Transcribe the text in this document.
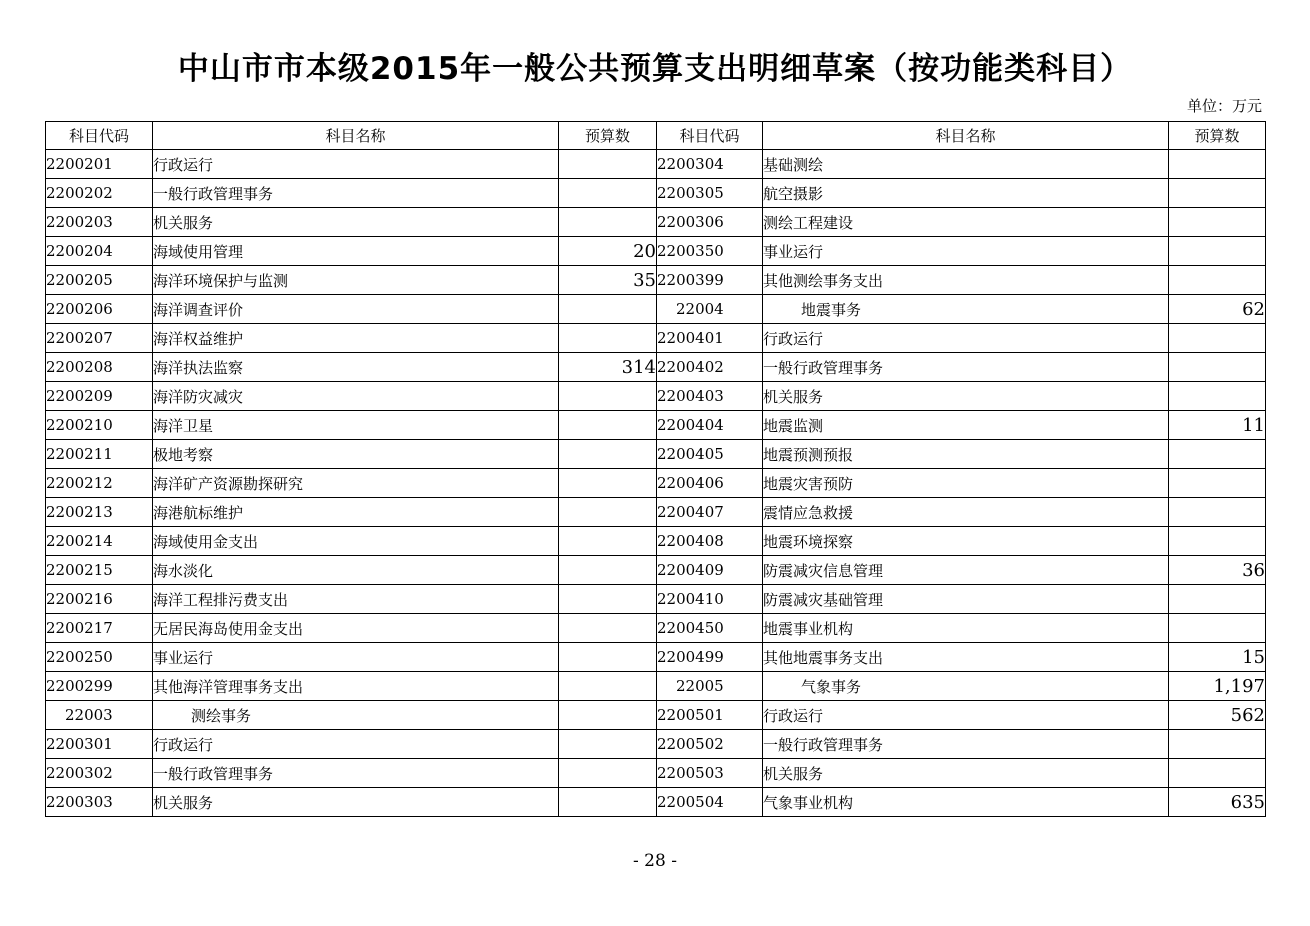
中山市市本级2015年一般公共预算支出明细草案（按功能类科目）
单位：万元
科目代码	科目名称	预算数	科目代码	科目名称	预算数
2200201	行政运行		2200304	基础测绘	
2200202	一般行政管理事务		2200305	航空摄影	
2200203	机关服务		2200306	测绘工程建设	
2200204	海域使用管理	20	2200350	事业运行	
2200205	海洋环境保护与监测	35	2200399	其他测绘事务支出	
2200206	海洋调查评价		22004	地震事务	62
2200207	海洋权益维护		2200401	行政运行	
2200208	海洋执法监察	314	2200402	一般行政管理事务	
2200209	海洋防灾减灾		2200403	机关服务	
2200210	海洋卫星		2200404	地震监测	11
2200211	极地考察		2200405	地震预测预报	
2200212	海洋矿产资源勘探研究		2200406	地震灾害预防	
2200213	海港航标维护		2200407	震情应急救援	
2200214	海域使用金支出		2200408	地震环境探察	
2200215	海水淡化		2200409	防震减灾信息管理	36
2200216	海洋工程排污费支出		2200410	防震减灾基础管理	
2200217	无居民海岛使用金支出		2200450	地震事业机构	
2200250	事业运行		2200499	其他地震事务支出	15
2200299	其他海洋管理事务支出		22005	气象事务	1,197
22003	测绘事务		2200501	行政运行	562
2200301	行政运行		2200502	一般行政管理事务	
2200302	一般行政管理事务		2200503	机关服务	
2200303	机关服务		2200504	气象事业机构	635
- 28 -
